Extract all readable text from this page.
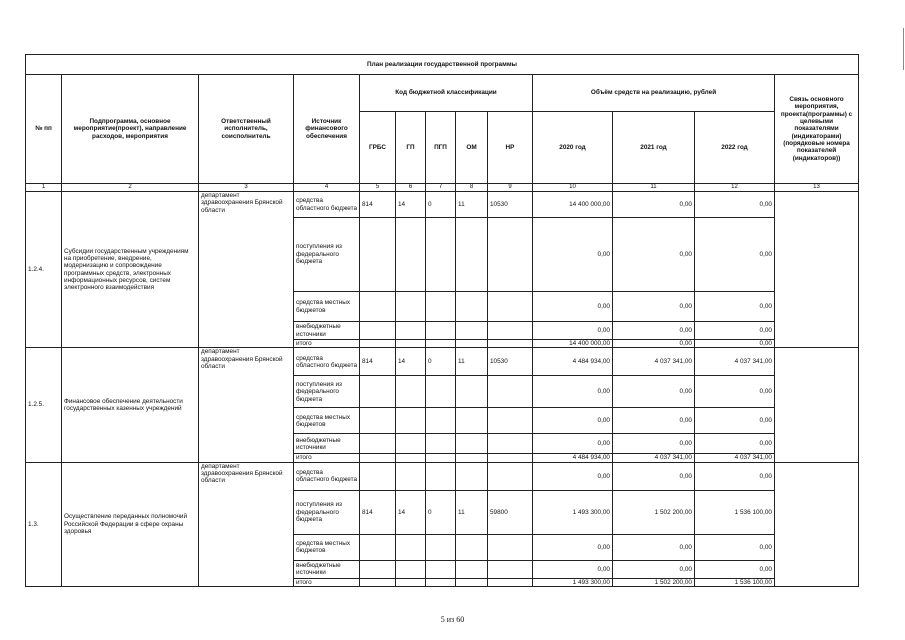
План реализации государственной программы												
№ пп	Подпрограмма, основное мероприятие(проект), направление расходов, мероприятия	Ответственный исполнитель, соисполнитель	Источник финансового обеспечения	Код бюджетной классификации					Объём средств на реализацию, рублей			Связь основного мероприятия, проекта(программы) с целевыми показателями (индикаторами) (порядковые номера показателей (индикаторов))
				ГРБС	ГП	ПГП	ОМ	НР	2020 год	2021 год	2022 год	
1	2	3	4	5	6	7	8	9	10	11	12	13
1.2.4.	Субсидии государственным учреждениям на приобретение, внедрение, модернизацию и сопровождение программных средств, электронных информационных ресурсов, систем электронного взаимодействия	департамент здравоохранения Брянской области	средства областного бюджета	814	14	0	11	10530	14 400 000,00	0,00	0,00	
			поступления из федерального бюджета						0,00	0,00	0,00	
			средства местных бюджетов						0,00	0,00	0,00	
			внебюджетные источники						0,00	0,00	0,00	
			итого						14 400 000,00	0,00	0,00	
1.2.5.	Финансовое обеспечение деятельности государственных казенных учреждений	департамент здравоохранения Брянской области	средства областного бюджета	814	14	0	11	10530	4 484 934,00	4 037 341,00	4 037 341,00	
			поступления из федерального бюджета						0,00	0,00	0,00	
			средства местных бюджетов						0,00	0,00	0,00	
			внебюджетные источники						0,00	0,00	0,00	
			итого						4 484 934,00	4 037 341,00	4 037 341,00	
1.3.	Осуществление переданных полномочий Российской Федерации в сфере охраны здоровья	департамент здравоохранения Брянской области	средства областного бюджета						0,00	0,00	0,00	
			поступления из федерального бюджета	814	14	0	11	59800	1 493 300,00	1 502 200,00	1 536 100,00	
			средства местных бюджетов						0,00	0,00	0,00	
			внебюджетные источники						0,00	0,00	0,00	
			итого						1 493 300,00	1 502 200,00	1 536 100,00	
5 из 60
